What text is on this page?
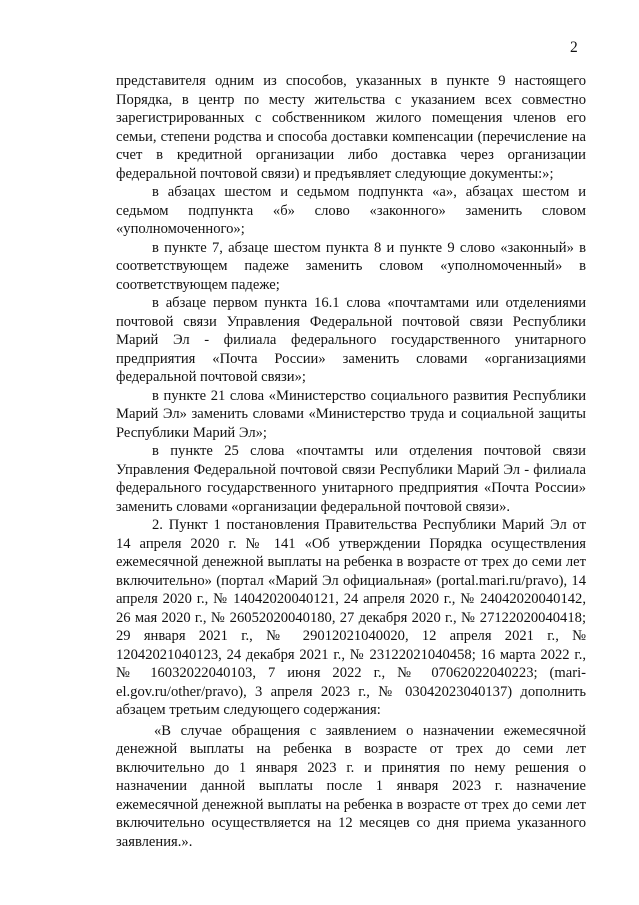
2

представителя одним из способов, указанных в пункте 9 настоящего Порядка, в центр по месту жительства с указанием всех совместно зарегистрированных с собственником жилого помещения членов его семьи, степени родства и способа доставки компенсации (перечисление на счет в кредитной организации либо доставка через организации федеральной почтовой связи) и предъявляет следующие документы:»;

в абзацах шестом и седьмом подпункта «а», абзацах шестом и седьмом подпункта «б» слово «законного» заменить словом «уполномоченного»;

в пункте 7, абзаце шестом пункта 8 и пункте 9 слово «законный» в соответствующем падеже заменить словом «уполномоченный» в соответствующем падеже;

в абзаце первом пункта 16.1 слова «почтамтами или отделениями почтовой связи Управления Федеральной почтовой связи Республики Марий Эл - филиала федерального государственного унитарного предприятия «Почта России» заменить словами «организациями федеральной почтовой связи»;

в пункте 21 слова «Министерство социального развития Республики Марий Эл» заменить словами «Министерство труда и социальной защиты Республики Марий Эл»;

в пункте 25 слова «почтамты или отделения почтовой связи Управления Федеральной почтовой связи Республики Марий Эл - филиала федерального государственного унитарного предприятия «Почта России» заменить словами «организации федеральной почтовой связи».

2. Пункт 1 постановления Правительства Республики Марий Эл от 14 апреля 2020 г. № 141 «Об утверждении Порядка осуществления ежемесячной денежной выплаты на ребенка в возрасте от трех до семи лет включительно» (портал «Марий Эл официальная» (portal.mari.ru/pravo), 14 апреля 2020 г., № 14042020040121, 24 апреля 2020 г., № 24042020040142, 26 мая 2020 г., № 26052020040180, 27 декабря 2020 г., № 27122020040418; 29 января 2021 г., № 29012021040020, 12 апреля 2021 г., № 12042021040123, 24 декабря 2021 г., № 23122021040458; 16 марта 2022 г., № 16032022040103, 7 июня 2022 г., № 07062022040223; (mari-el.gov.ru/other/pravo), 3 апреля 2023 г., № 03042023040137) дополнить абзацем третьим следующего содержания:

«В случае обращения с заявлением о назначении ежемесячной денежной выплаты на ребенка в возрасте от трех до семи лет включительно до 1 января 2023 г. и принятия по нему решения о назначении данной выплаты после 1 января 2023 г. назначение ежемесячной денежной выплаты на ребенка в возрасте от трех до семи лет включительно осуществляется на 12 месяцев со дня приема указанного заявления.».
